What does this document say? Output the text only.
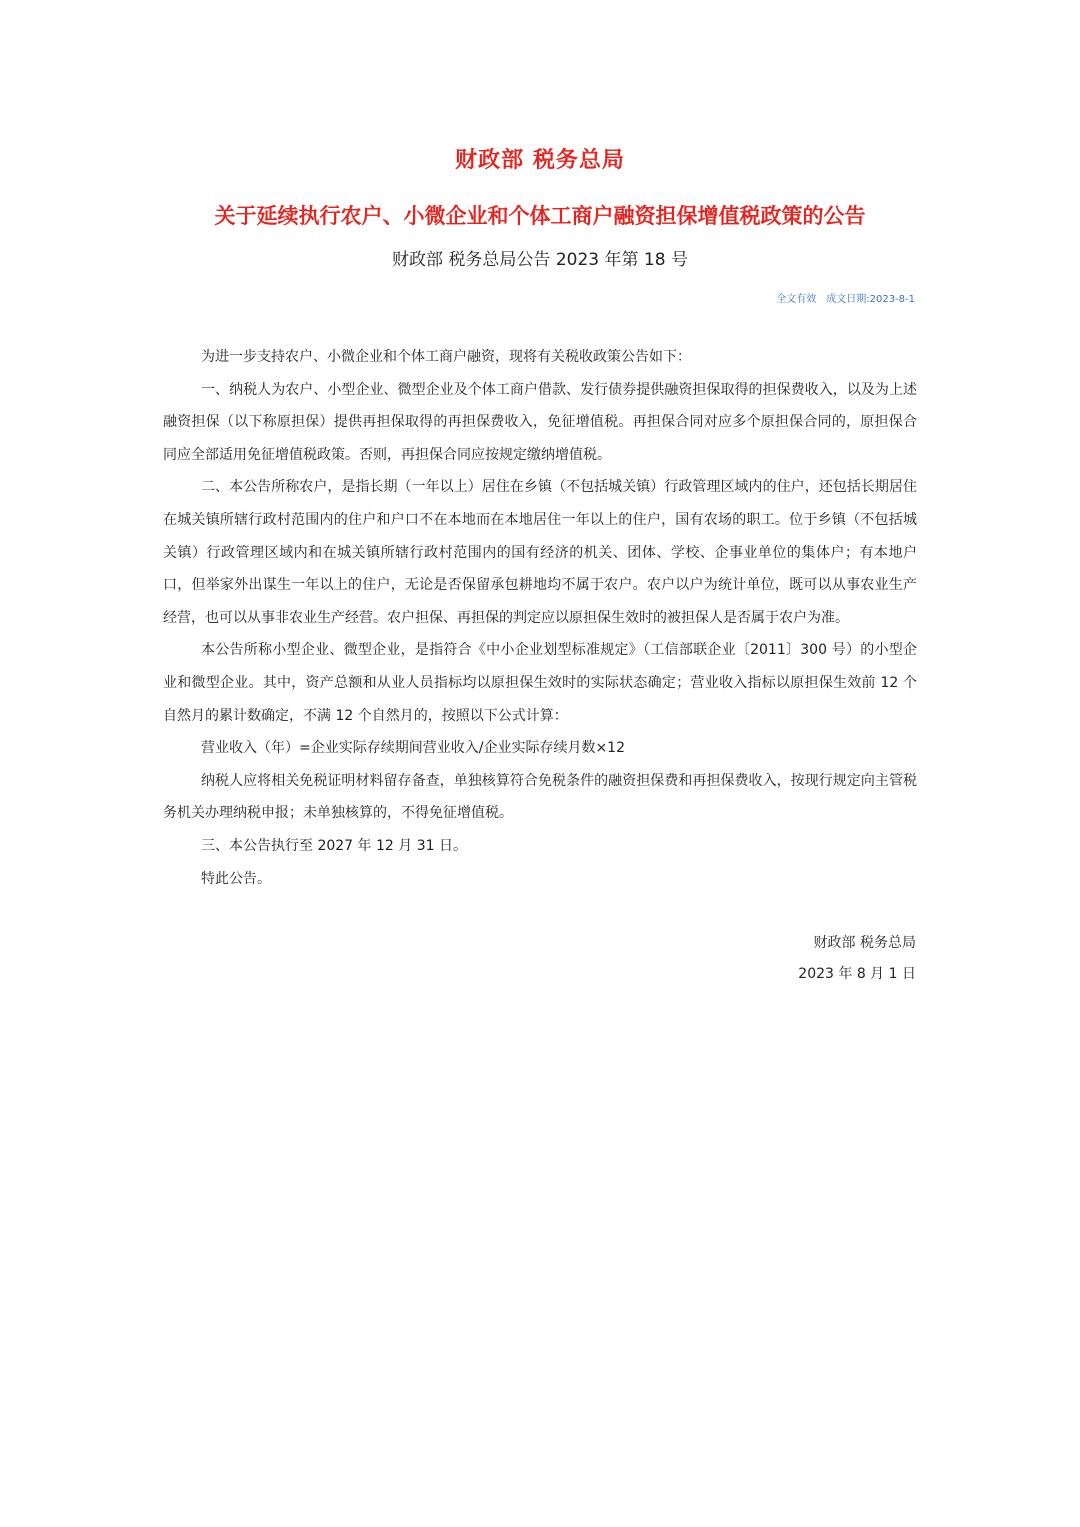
财政部 税务总局
关于延续执行农户、小微企业和个体工商户融资担保增值税政策的公告
财政部 税务总局公告 2023 年第 18 号
全文有效 成文日期:2023-8-1

为进一步支持农户、小微企业和个体工商户融资，现将有关税收政策公告如下：

一、纳税人为农户、小型企业、微型企业及个体工商户借款、发行债券提供融资担保取得的担保费收入，以及为上述融资担保（以下称原担保）提供再担保取得的再担保费收入，免征增值税。再担保合同对应多个原担保合同的，原担保合同应全部适用免征增值税政策。否则，再担保合同应按规定缴纳增值税。

二、本公告所称农户，是指长期（一年以上）居住在乡镇（不包括城关镇）行政管理区域内的住户，还包括长期居住在城关镇所辖行政村范围内的住户和户口不在本地而在本地居住一年以上的住户，国有农场的职工。位于乡镇（不包括城关镇）行政管理区域内和在城关镇所辖行政村范围内的国有经济的机关、团体、学校、企事业单位的集体户；有本地户口，但举家外出谋生一年以上的住户，无论是否保留承包耕地均不属于农户。农户以户为统计单位，既可以从事农业生产经营，也可以从事非农业生产经营。农户担保、再担保的判定应以原担保生效时的被担保人是否属于农户为准。

本公告所称小型企业、微型企业，是指符合《中小企业划型标准规定》（工信部联企业〔2011〕300 号）的小型企业和微型企业。其中，资产总额和从业人员指标均以原担保生效时的实际状态确定；营业收入指标以原担保生效前 12 个自然月的累计数确定，不满 12 个自然月的，按照以下公式计算：

营业收入（年）=企业实际存续期间营业收入/企业实际存续月数×12

纳税人应将相关免税证明材料留存备查，单独核算符合免税条件的融资担保费和再担保费收入，按现行规定向主管税务机关办理纳税申报；未单独核算的，不得免征增值税。

三、本公告执行至 2027 年 12 月 31 日。

特此公告。

财政部 税务总局
2023 年 8 月 1 日
